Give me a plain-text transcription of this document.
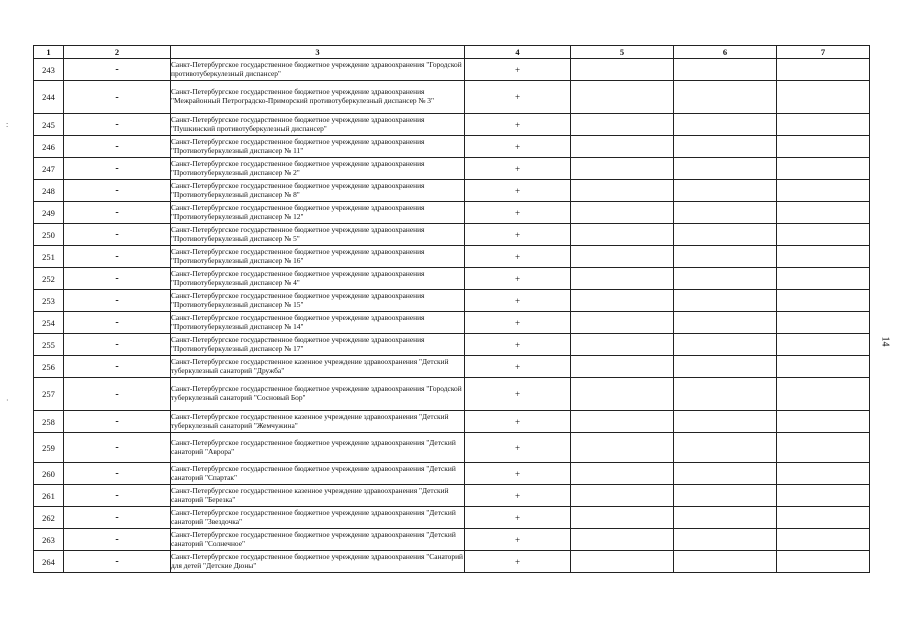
:
·
1	2	3	4	5	6	7
243	-	Санкт-Петербургское государственное бюджетное учреждение здравоохранения "Городской противотуберкулезный диспансер"	+			
244	-	Санкт-Петербургское государственное бюджетное учреждение здравоохранения "Межрайонный Петроградско-Приморский противотуберкулезный диспансер № 3"	+			
245	-	Санкт-Петербургское государственное бюджетное учреждение здравоохранения "Пушкинский противотуберкулезный диспансер"	+			
246	-	Санкт-Петербургское государственное бюджетное учреждение здравоохранения "Противотуберкулезный диспансер № 11"	+			
247	-	Санкт-Петербургское государственное бюджетное учреждение здравоохранения "Противотуберкулезный диспансер № 2"	+			
248	-	Санкт-Петербургское государственное бюджетное учреждение здравоохранения "Противотуберкулезный диспансер № 8"	+			
249	-	Санкт-Петербургское государственное бюджетное учреждение здравоохранения "Противотуберкулезный диспансер № 12"	+			
250	-	Санкт-Петербургское государственное бюджетное учреждение здравоохранения "Противотуберкулезный диспансер № 5"	+			
251	-	Санкт-Петербургское государственное бюджетное учреждение здравоохранения "Противотуберкулезный диспансер № 16"	+			
252	-	Санкт-Петербургское государственное бюджетное учреждение здравоохранения "Противотуберкулезный диспансер № 4"	+			
253	-	Санкт-Петербургское государственное бюджетное учреждение здравоохранения "Противотуберкулезный диспансер № 15"	+			
254	-	Санкт-Петербургское государственное бюджетное учреждение здравоохранения "Противотуберкулезный диспансер № 14"	+			
255	-	Санкт-Петербургское государственное бюджетное учреждение здравоохранения "Противотуберкулезный диспансер № 17"	+			
256	-	Санкт-Петербургское государственное казенное учреждение здравоохранения "Детский туберкулезный санаторий "Дружба"	+			
257	-	Санкт-Петербургское государственное бюджетное учреждение здравоохранения "Городской туберкулезный санаторий "Сосновый Бор"	+			
258	-	Санкт-Петербургское государственное казенное учреждение здравоохранения "Детский туберкулезный санаторий "Жемчужина"	+			
259	-	Санкт-Петербургское государственное бюджетное учреждение здравоохранения "Детский санаторий "Аврора"	+			
260	-	Санкт-Петербургское государственное бюджетное учреждение здравоохранения "Детский санаторий "Спартак"	+			
261	-	Санкт-Петербургское государственное казенное учреждение здравоохранения "Детский санаторий "Березка"	+			
262	-	Санкт-Петербургское государственное бюджетное учреждение здравоохранения "Детский санаторий "Звездочка"	+			
263	-	Санкт-Петербургское государственное бюджетное учреждение здравоохранения "Детский санаторий "Солнечное"	+			
264	-	Санкт-Петербургское государственное бюджетное учреждение здравоохранения "Санаторий для детей "Детские Дюны"	+			
14
